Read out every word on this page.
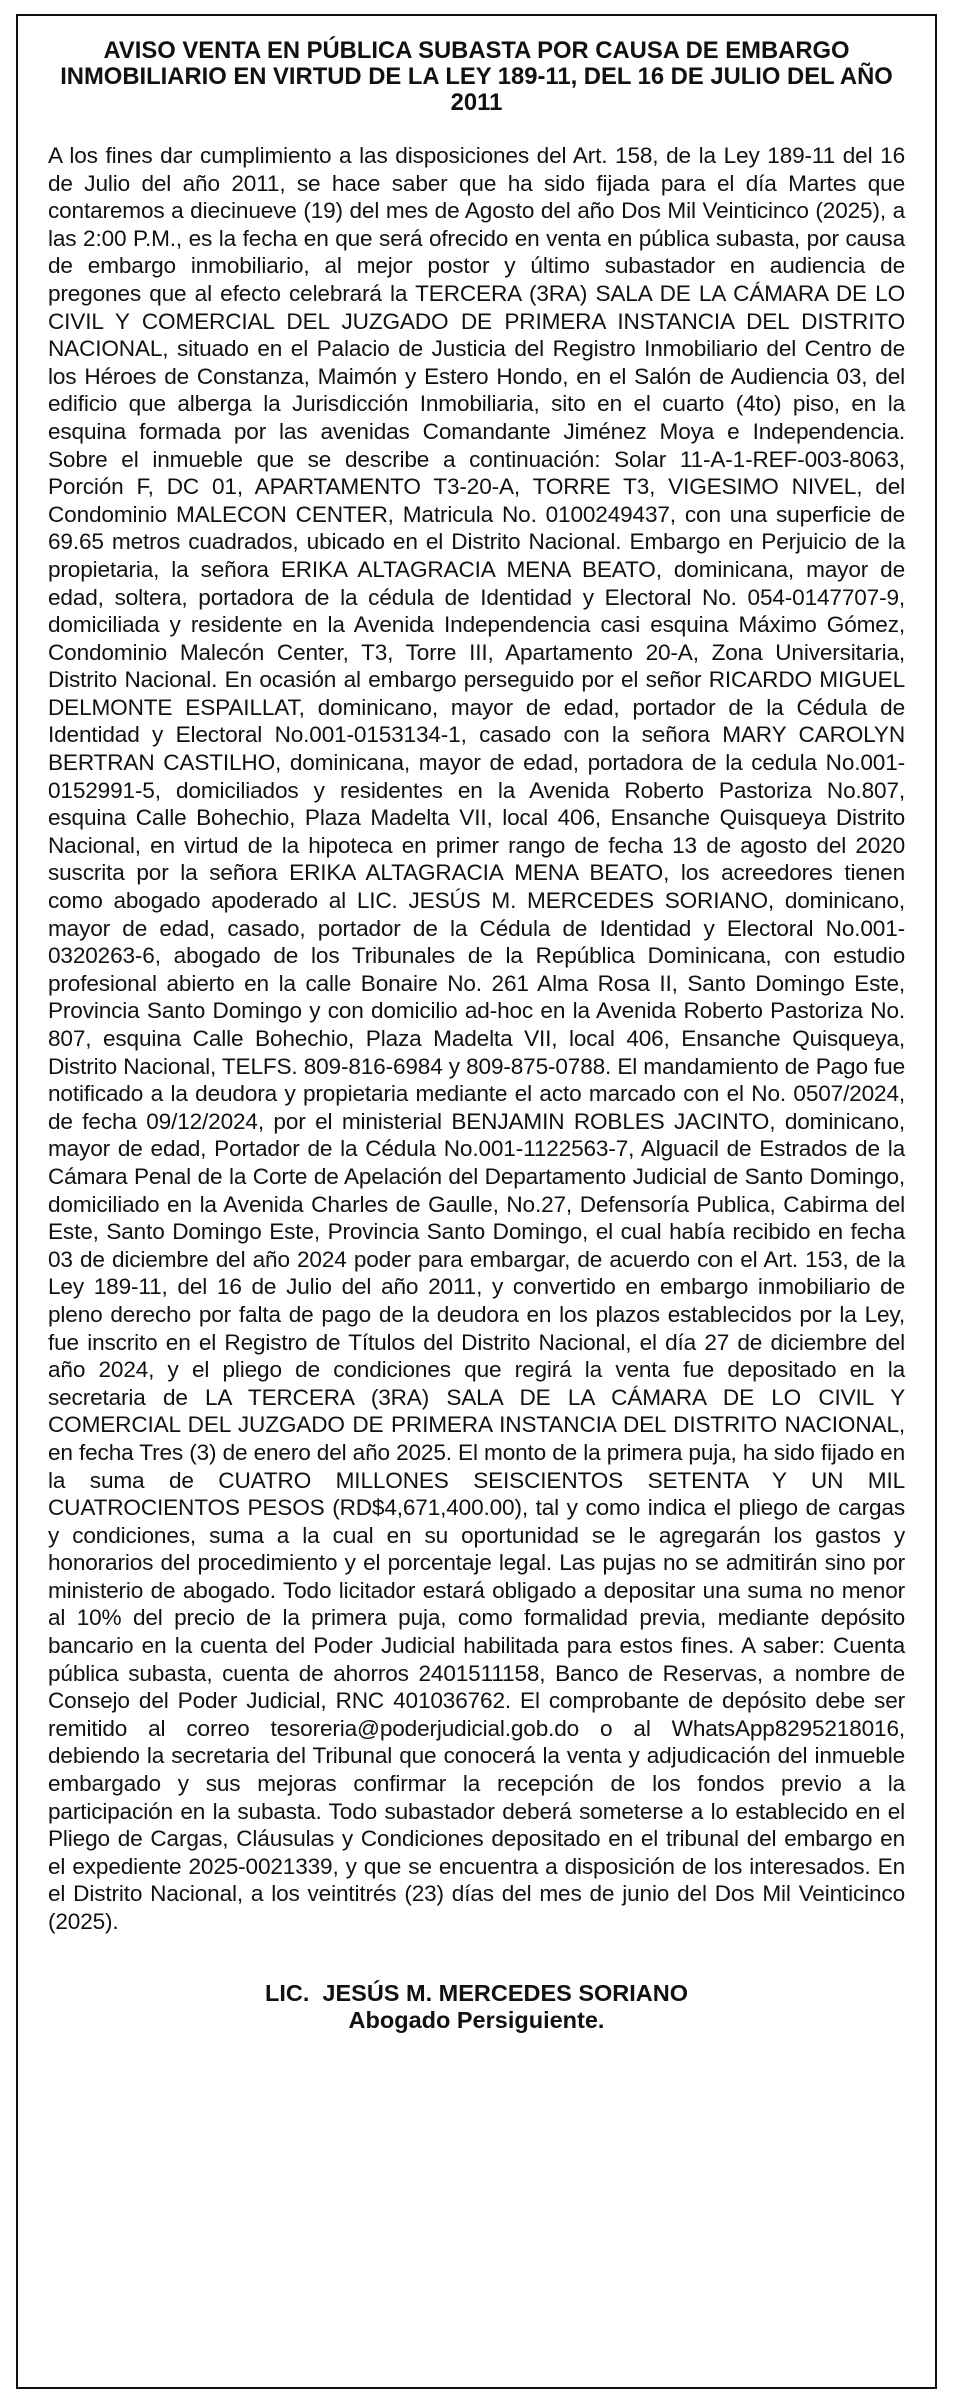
AVISO VENTA EN PÚBLICA SUBASTA POR CAUSA DE EMBARGO INMOBILIARIO EN VIRTUD DE LA LEY 189-11, DEL 16 DE JULIO DEL AÑO 2011

A los fines dar cumplimiento a las disposiciones del Art. 158, de la Ley 189-11 del 16 de Julio del año 2011, se hace saber que ha sido fijada para el día Martes que contaremos a diecinueve (19) del mes de Agosto del año Dos Mil Veinticinco (2025), a las 2:00 P.M., es la fecha en que será ofrecido en venta en pública subasta, por causa de embargo inmobiliario, al mejor postor y último subastador en audiencia de pregones que al efecto celebrará la TERCERA (3RA) SALA DE LA CÁMARA DE LO CIVIL Y COMERCIAL DEL JUZGADO DE PRIMERA INSTANCIA DEL DISTRITO NACIONAL, situado en el Palacio de Justicia del Registro Inmobiliario del Centro de los Héroes de Constanza, Maimón y Estero Hondo, en el Salón de Audiencia 03, del edificio que alberga la Jurisdicción Inmobiliaria, sito en el cuarto (4to) piso, en la esquina formada por las avenidas Comandante Jiménez Moya e Independencia. Sobre el inmueble que se describe a continuación: Solar 11-A-1-REF-003-8063, Porción F, DC 01, APARTAMENTO T3-20-A, TORRE T3, VIGESIMO NIVEL, del Condominio MALECON CENTER, Matricula No. 0100249437, con una superficie de 69.65 metros cuadrados, ubicado en el Distrito Nacional. Embargo en Perjuicio de la propietaria, la señora ERIKA ALTAGRACIA MENA BEATO, dominicana, mayor de edad, soltera, portadora de la cédula de Identidad y Electoral No. 054-0147707-9, domiciliada y residente en la Avenida Independencia casi esquina Máximo Gómez, Condominio Malecón Center, T3, Torre III, Apartamento 20-A, Zona Universitaria, Distrito Nacional. En ocasión al embargo perseguido por el señor RICARDO MIGUEL DELMONTE ESPAILLAT, dominicano, mayor de edad, portador de la Cédula de Identidad y Electoral No.001-0153134-1, casado con la señora MARY CAROLYN BERTRAN CASTILHO, dominicana, mayor de edad, portadora de la cedula No.001-0152991-5, domiciliados y residentes en la Avenida Roberto Pastoriza No.807, esquina Calle Bohechio, Plaza Madelta VII, local 406, Ensanche Quisqueya Distrito Nacional, en virtud de la hipoteca en primer rango de fecha 13 de agosto del 2020 suscrita por la señora ERIKA ALTAGRACIA MENA BEATO, los acreedores tienen como abogado apoderado al LIC. JESÚS M. MERCEDES SORIANO, dominicano, mayor de edad, casado, portador de la Cédula de Identidad y Electoral No.001-0320263-6, abogado de los Tribunales de la República Dominicana, con estudio profesional abierto en la calle Bonaire No. 261 Alma Rosa II, Santo Domingo Este, Provincia Santo Domingo y con domicilio ad-hoc en la Avenida Roberto Pastoriza No. 807, esquina Calle Bohechio, Plaza Madelta VII, local 406, Ensanche Quisqueya, Distrito Nacional, TELFS. 809-816-6984 y 809-875-0788. El mandamiento de Pago fue notificado a la deudora y propietaria mediante el acto marcado con el No. 0507/2024, de fecha 09/12/2024, por el ministerial BENJAMIN ROBLES JACINTO, dominicano, mayor de edad, Portador de la Cédula No.001-1122563-7, Alguacil de Estrados de la Cámara Penal de la Corte de Apelación del Departamento Judicial de Santo Domingo, domiciliado en la Avenida Charles de Gaulle, No.27, Defensoría Publica, Cabirma del Este, Santo Domingo Este, Provincia Santo Domingo, el cual había recibido en fecha 03 de diciembre del año 2024 poder para embargar, de acuerdo con el Art. 153, de la Ley 189-11, del 16 de Julio del año 2011, y convertido en embargo inmobiliario de pleno derecho por falta de pago de la deudora en los plazos establecidos por la Ley, fue inscrito en el Registro de Títulos del Distrito Nacional, el día 27 de diciembre del año 2024, y el pliego de condiciones que regirá la venta fue depositado en la secretaria de LA TERCERA (3RA) SALA DE LA CÁMARA DE LO CIVIL Y COMERCIAL DEL JUZGADO DE PRIMERA INSTANCIA DEL DISTRITO NACIONAL, en fecha Tres (3) de enero del año 2025. El monto de la primera puja, ha sido fijado en la suma de CUATRO MILLONES SEISCIENTOS SETENTA Y UN MIL CUATROCIENTOS PESOS (RD$4,671,400.00), tal y como indica el pliego de cargas y condiciones, suma a la cual en su oportunidad se le agregarán los gastos y honorarios del procedimiento y el porcentaje legal. Las pujas no se admitirán sino por ministerio de abogado. Todo licitador estará obligado a depositar una suma no menor al 10% del precio de la primera puja, como formalidad previa, mediante depósito bancario en la cuenta del Poder Judicial habilitada para estos fines. A saber: Cuenta pública subasta, cuenta de ahorros 2401511158, Banco de Reservas, a nombre de Consejo del Poder Judicial, RNC 401036762. El comprobante de depósito debe ser remitido al correo tesoreria@poderjudicial.gob.do o al WhatsApp8295218016, debiendo la secretaria del Tribunal que conocerá la venta y adjudicación del inmueble embargado y sus mejoras confirmar la recepción de los fondos previo a la participación en la subasta. Todo subastador deberá someterse a lo establecido en el Pliego de Cargas, Cláusulas y Condiciones depositado en el tribunal del embargo en el expediente 2025-0021339, y que se encuentra a disposición de los interesados. En el Distrito Nacional, a los veintitrés (23) días del mes de junio del Dos Mil Veinticinco (2025).

LIC.  JESÚS M. MERCEDES SORIANO
Abogado Persiguiente.
